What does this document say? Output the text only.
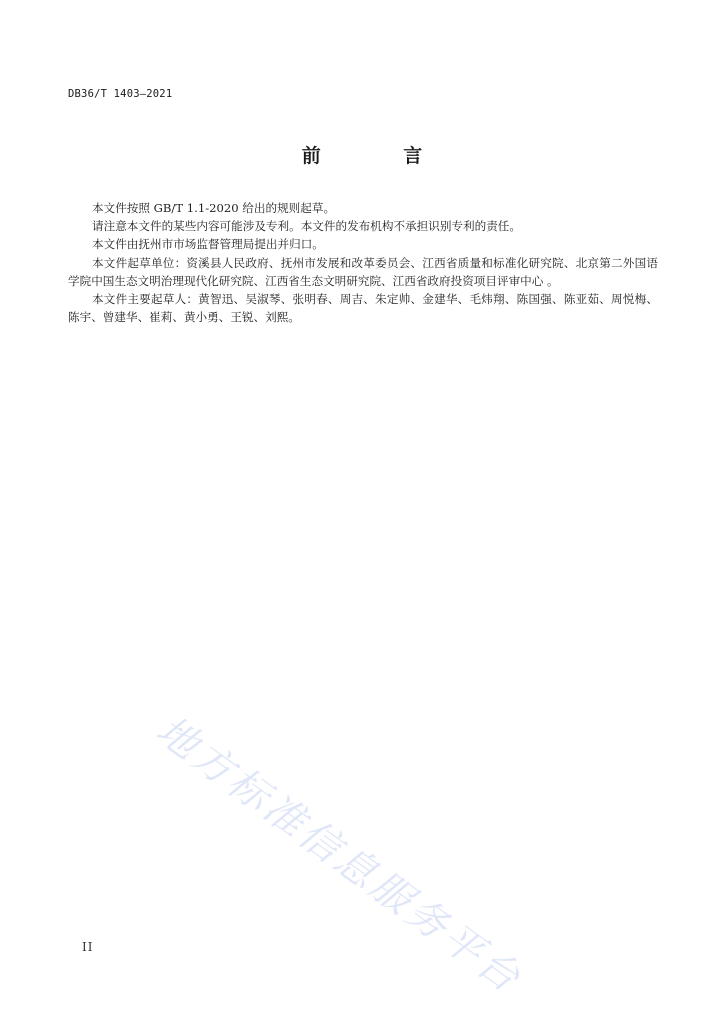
DB36/T 1403—2021
前 言

本文件按照 GB/T 1.1-2020 给出的规则起草。

请注意本文件的某些内容可能涉及专利。本文件的发布机构不承担识别专利的责任。

本文件由抚州市市场监督管理局提出并归口。

本文件起草单位：资溪县人民政府、抚州市发展和改革委员会、江西省质量和标准化研究院、北京第二外国语学院中国生态文明治理现代化研究院、江西省生态文明研究院、江西省政府投资项目评审中心 。

本文件主要起草人：黄智迅、吴淑琴、张明春、周吉、朱定帅、金建华、毛炜翔、陈国强、陈亚茹、周悦梅、陈宇、曾建华、崔莉、黄小勇、王锐、刘熙。

地方标准信息服务平台
II
